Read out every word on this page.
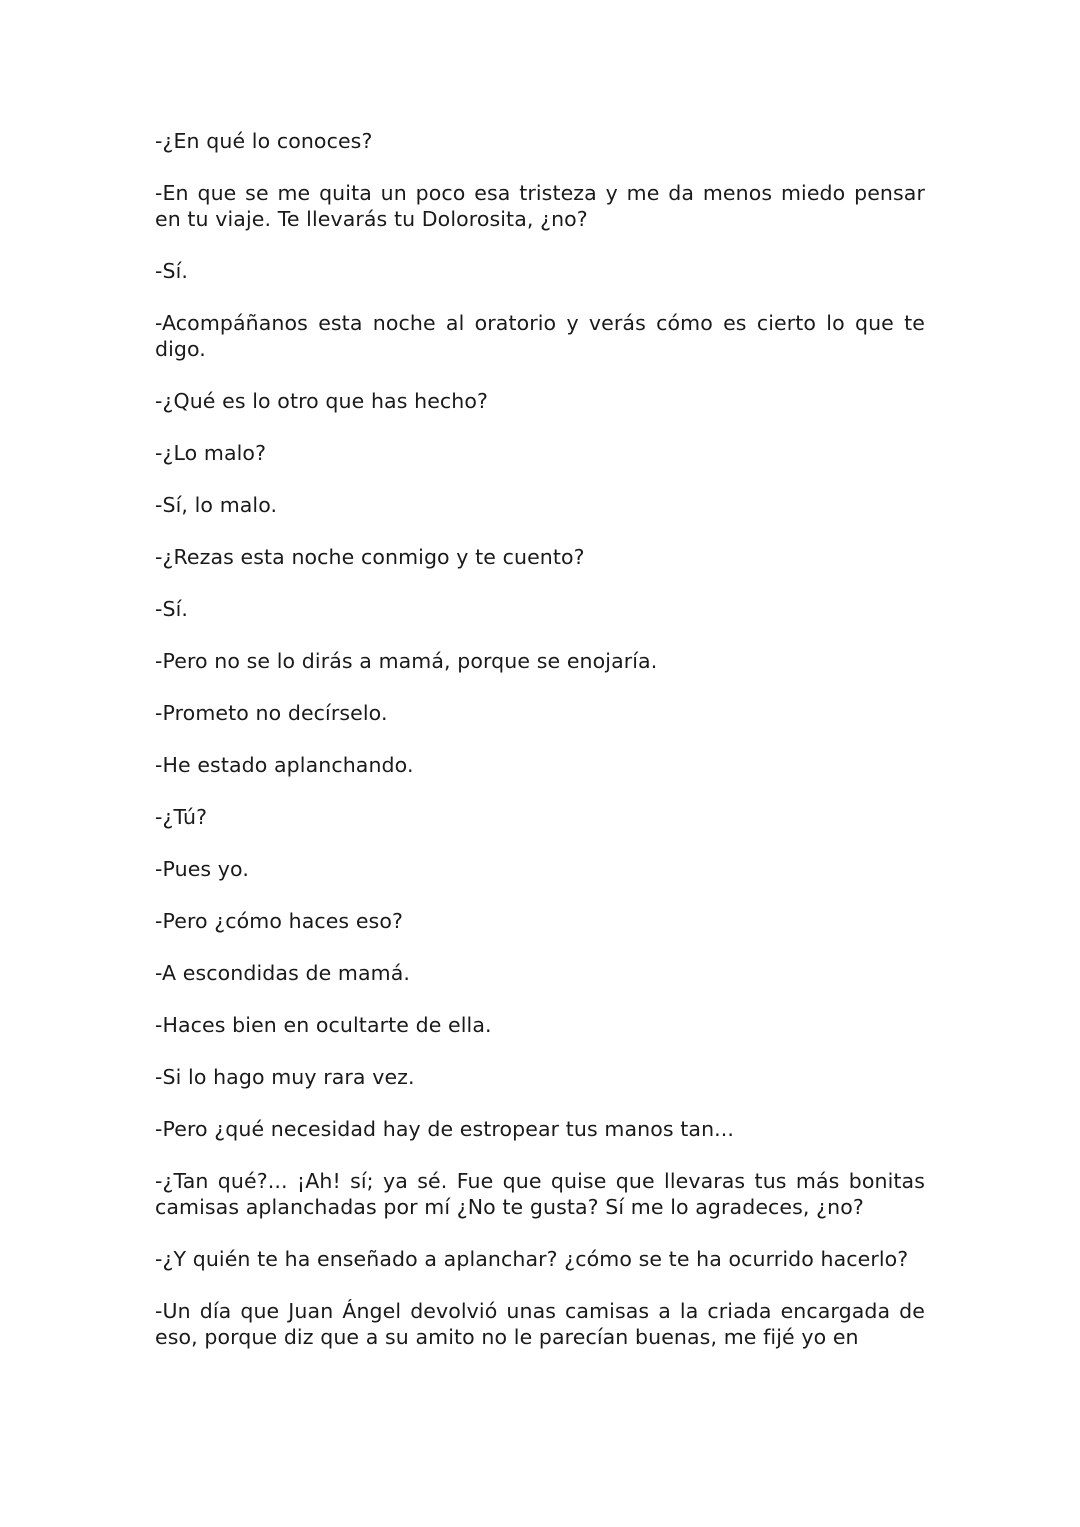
-¿En qué lo conoces?

-En que se me quita un poco esa tristeza y me da menos miedo pensar en tu viaje. Te llevarás tu Dolorosita, ¿no?

-Sí.

-Acompáñanos esta noche al oratorio y verás cómo es cierto lo que te digo.

-¿Qué es lo otro que has hecho?

-¿Lo malo?

-Sí, lo malo.

-¿Rezas esta noche conmigo y te cuento?

-Sí.

-Pero no se lo dirás a mamá, porque se enojaría.

-Prometo no decírselo.

-He estado aplanchando.

-¿Tú?

-Pues yo.

-Pero ¿cómo haces eso?

-A escondidas de mamá.

-Haces bien en ocultarte de ella.

-Si lo hago muy rara vez.

-Pero ¿qué necesidad hay de estropear tus manos tan...

-¿Tan qué?... ¡Ah! sí; ya sé. Fue que quise que llevaras tus más bonitas camisas aplanchadas por mí ¿No te gusta? Sí me lo agradeces, ¿no?

-¿Y quién te ha enseñado a aplanchar? ¿cómo se te ha ocurrido hacerlo?

-Un día que Juan Ángel devolvió unas camisas a la criada encargada de eso, porque diz que a su amito no le parecían buenas, me fijé yo en
